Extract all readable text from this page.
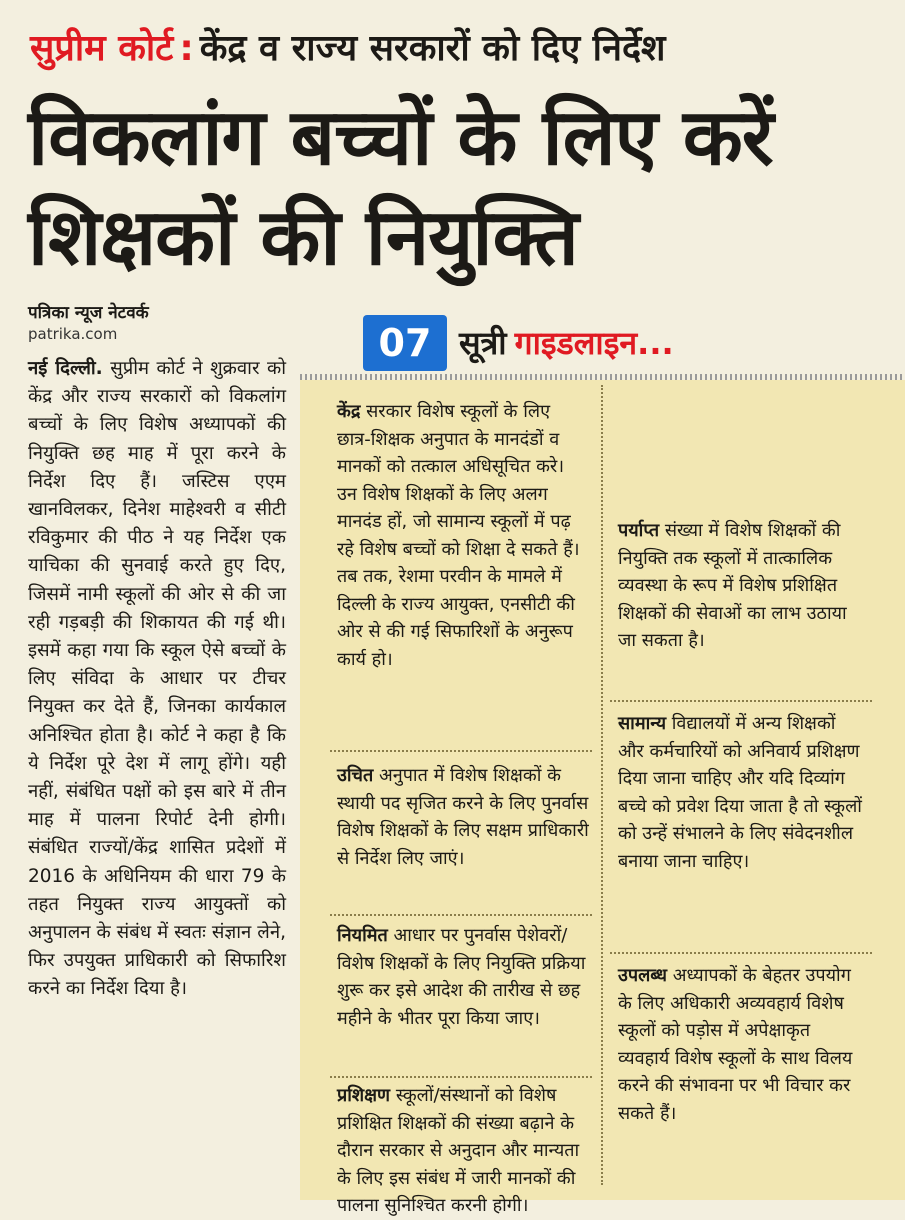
सुप्रीम कोर्ट : केंद्र व राज्य सरकारों को दिए निर्देश
विकलांग बच्चों के लिए करें
शिक्षकों की नियुक्ति
पत्रिका न्यूज नेटवर्क
patrika.com
नई दिल्ली. सुप्रीम कोर्ट ने शुक्रवार को केंद्र और राज्य सरकारों को विकलांग बच्चों के लिए विशेष अध्यापकों की नियुक्ति छह माह में पूरा करने के निर्देश दिए हैं। जस्टिस एएम खानविलकर, दिनेश माहेश्वरी व सीटी रविकुमार की पीठ ने यह निर्देश एक याचिका की सुनवाई करते हुए दिए, जिसमें नामी स्कूलों की ओर से की जा रही गड़बड़ी की शिकायत की गई थी। इसमें कहा गया कि स्कूल ऐसे बच्चों के लिए संविदा के आधार पर टीचर नियुक्त कर देते हैं, जिनका कार्यकाल अनिश्चित होता है। कोर्ट ने कहा है कि ये निर्देश पूरे देश में लागू होंगे। यही नहीं, संबंधित पक्षों को इस बारे में तीन माह में पालना रिपोर्ट देनी होगी। संबंधित राज्यों/केंद्र शासित प्रदेशों में 2016 के अधिनियम की धारा 79 के तहत नियुक्त राज्य आयुक्तों को अनुपालन के संबंध में स्वतः संज्ञान लेने, फिर उपयुक्त प्राधिकारी को सिफारिश करने का निर्देश दिया है।
07 सूत्री गाइडलाइन...
केंद्र सरकार विशेष स्कूलों के लिए छात्र-शिक्षक अनुपात के मानदंडों व मानकों को तत्काल अधिसूचित करे। उन विशेष शिक्षकों के लिए अलग मानदंड हों, जो सामान्य स्कूलों में पढ़ रहे विशेष बच्चों को शिक्षा दे सकते हैं। तब तक, रेशमा परवीन के मामले में दिल्ली के राज्य आयुक्त, एनसीटी की ओर से की गई सिफारिशों के अनुरूप कार्य हो।
उचित अनुपात में विशेष शिक्षकों के स्थायी पद सृजित करने के लिए पुनर्वास विशेष शिक्षकों के लिए सक्षम प्राधिकारी से निर्देश लिए जाएं।
नियमित आधार पर पुनर्वास पेशेवरों/विशेष शिक्षकों के लिए नियुक्ति प्रक्रिया शुरू कर इसे आदेश की तारीख से छह महीने के भीतर पूरा किया जाए।
प्रशिक्षण स्कूलों/संस्थानों को विशेष प्रशिक्षित शिक्षकों की संख्या बढ़ाने के दौरान सरकार से अनुदान और मान्यता के लिए इस संबंध में जारी मानकों की पालना सुनिश्चित करनी होगी।
पर्याप्त संख्या में विशेष शिक्षकों की नियुक्ति तक स्कूलों में तात्कालिक व्यवस्था के रूप में विशेष प्रशिक्षित शिक्षकों की सेवाओं का लाभ उठाया जा सकता है।
सामान्य विद्यालयों में अन्य शिक्षकों और कर्मचारियों को अनिवार्य प्रशिक्षण दिया जाना चाहिए और यदि दिव्यांग बच्चे को प्रवेश दिया जाता है तो स्कूलों को उन्हें संभालने के लिए संवेदनशील बनाया जाना चाहिए।
उपलब्ध अध्यापकों के बेहतर उपयोग के लिए अधिकारी अव्यवहार्य विशेष स्कूलों को पड़ोस में अपेक्षाकृत व्यवहार्य विशेष स्कूलों के साथ विलय करने की संभावना पर भी विचार कर सकते हैं।
